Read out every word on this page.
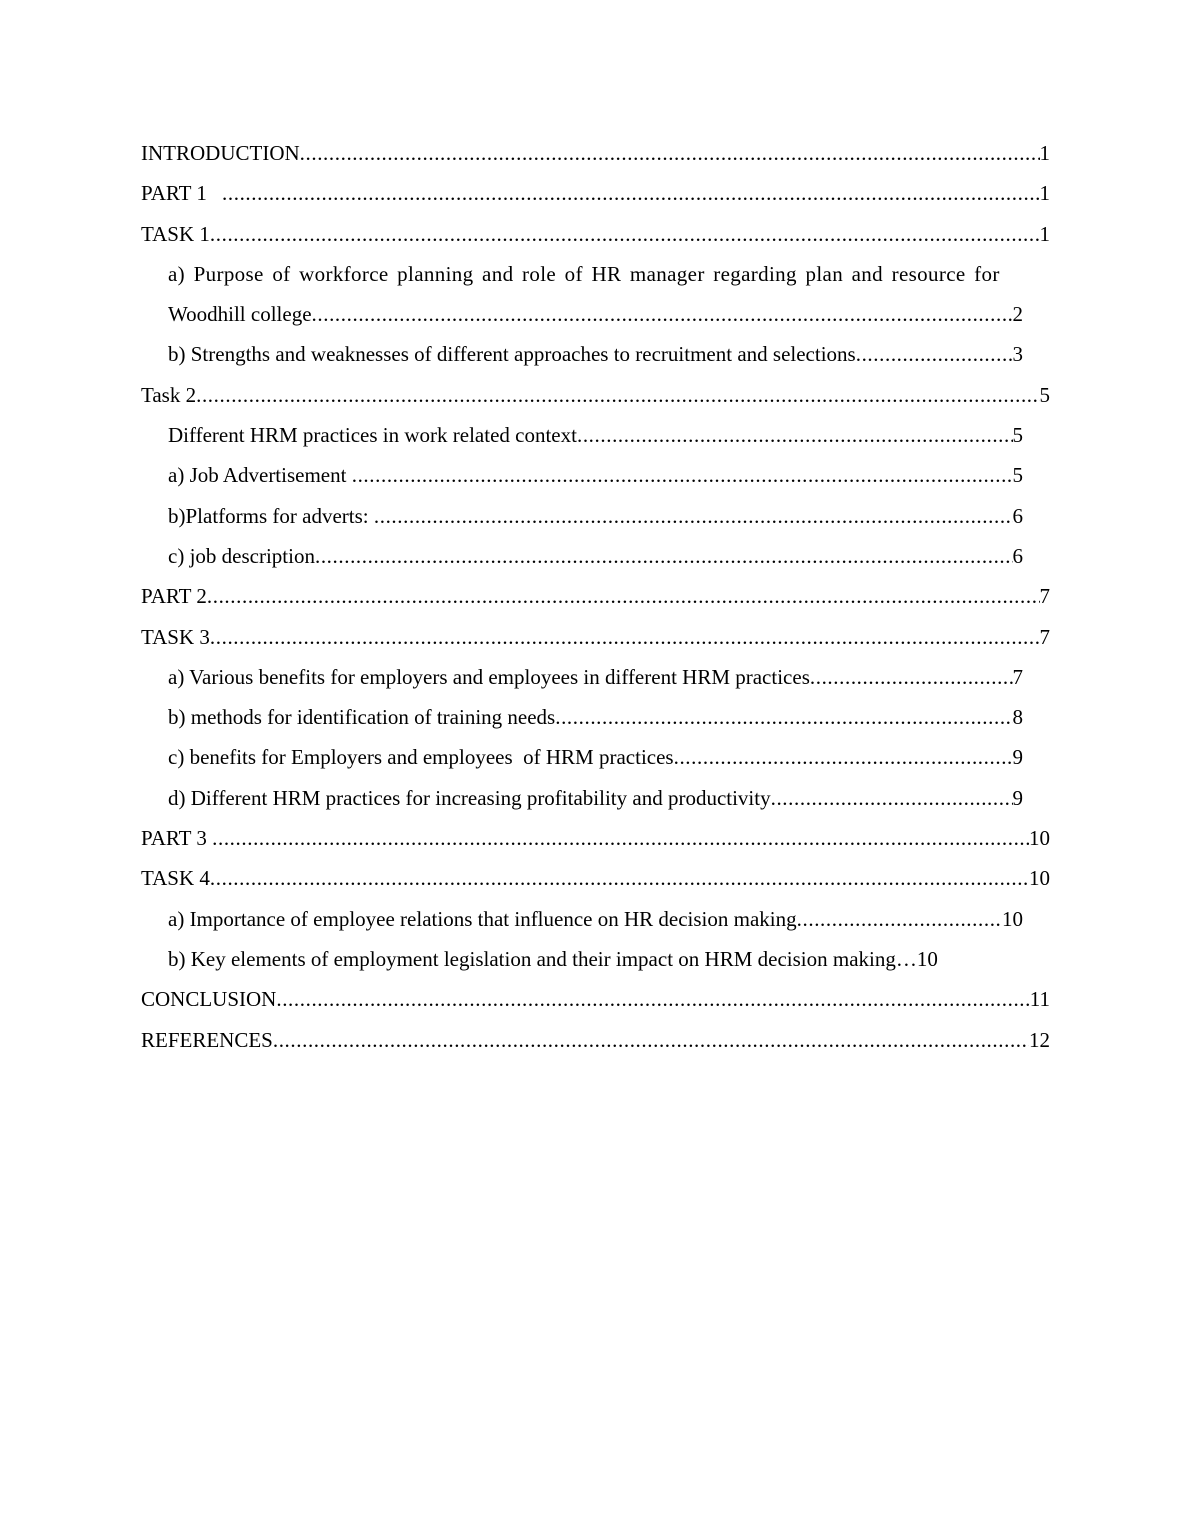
INTRODUCTION .....	1
PART 1 .....	1
TASK 1 .....	1
a) Purpose of workforce planning and role of HR manager regarding plan and resource for
Woodhill college .....	2
b) Strengths and weaknesses of different approaches to recruitment and selections .....	3
Task 2 .....	5
Different HRM practices in work related context .....	5
a) Job Advertisement .....	5
b)Platforms for adverts: .....	6
c) job description .....	6
PART 2 .....	7
TASK 3 .....	7
a) Various benefits for employers and employees in different HRM practices .....	7
b) methods for identification of training needs .....	8
c) benefits for Employers and employees  of HRM practices .....	9
d) Different HRM practices for increasing profitability and productivity .....	9
PART 3 .....	10
TASK 4 .....	10
a) Importance of employee relations that influence on HR decision making .....	10
b) Key elements of employment legislation and their impact on HRM decision making… 10
CONCLUSION .....	11
REFERENCES .....	12
